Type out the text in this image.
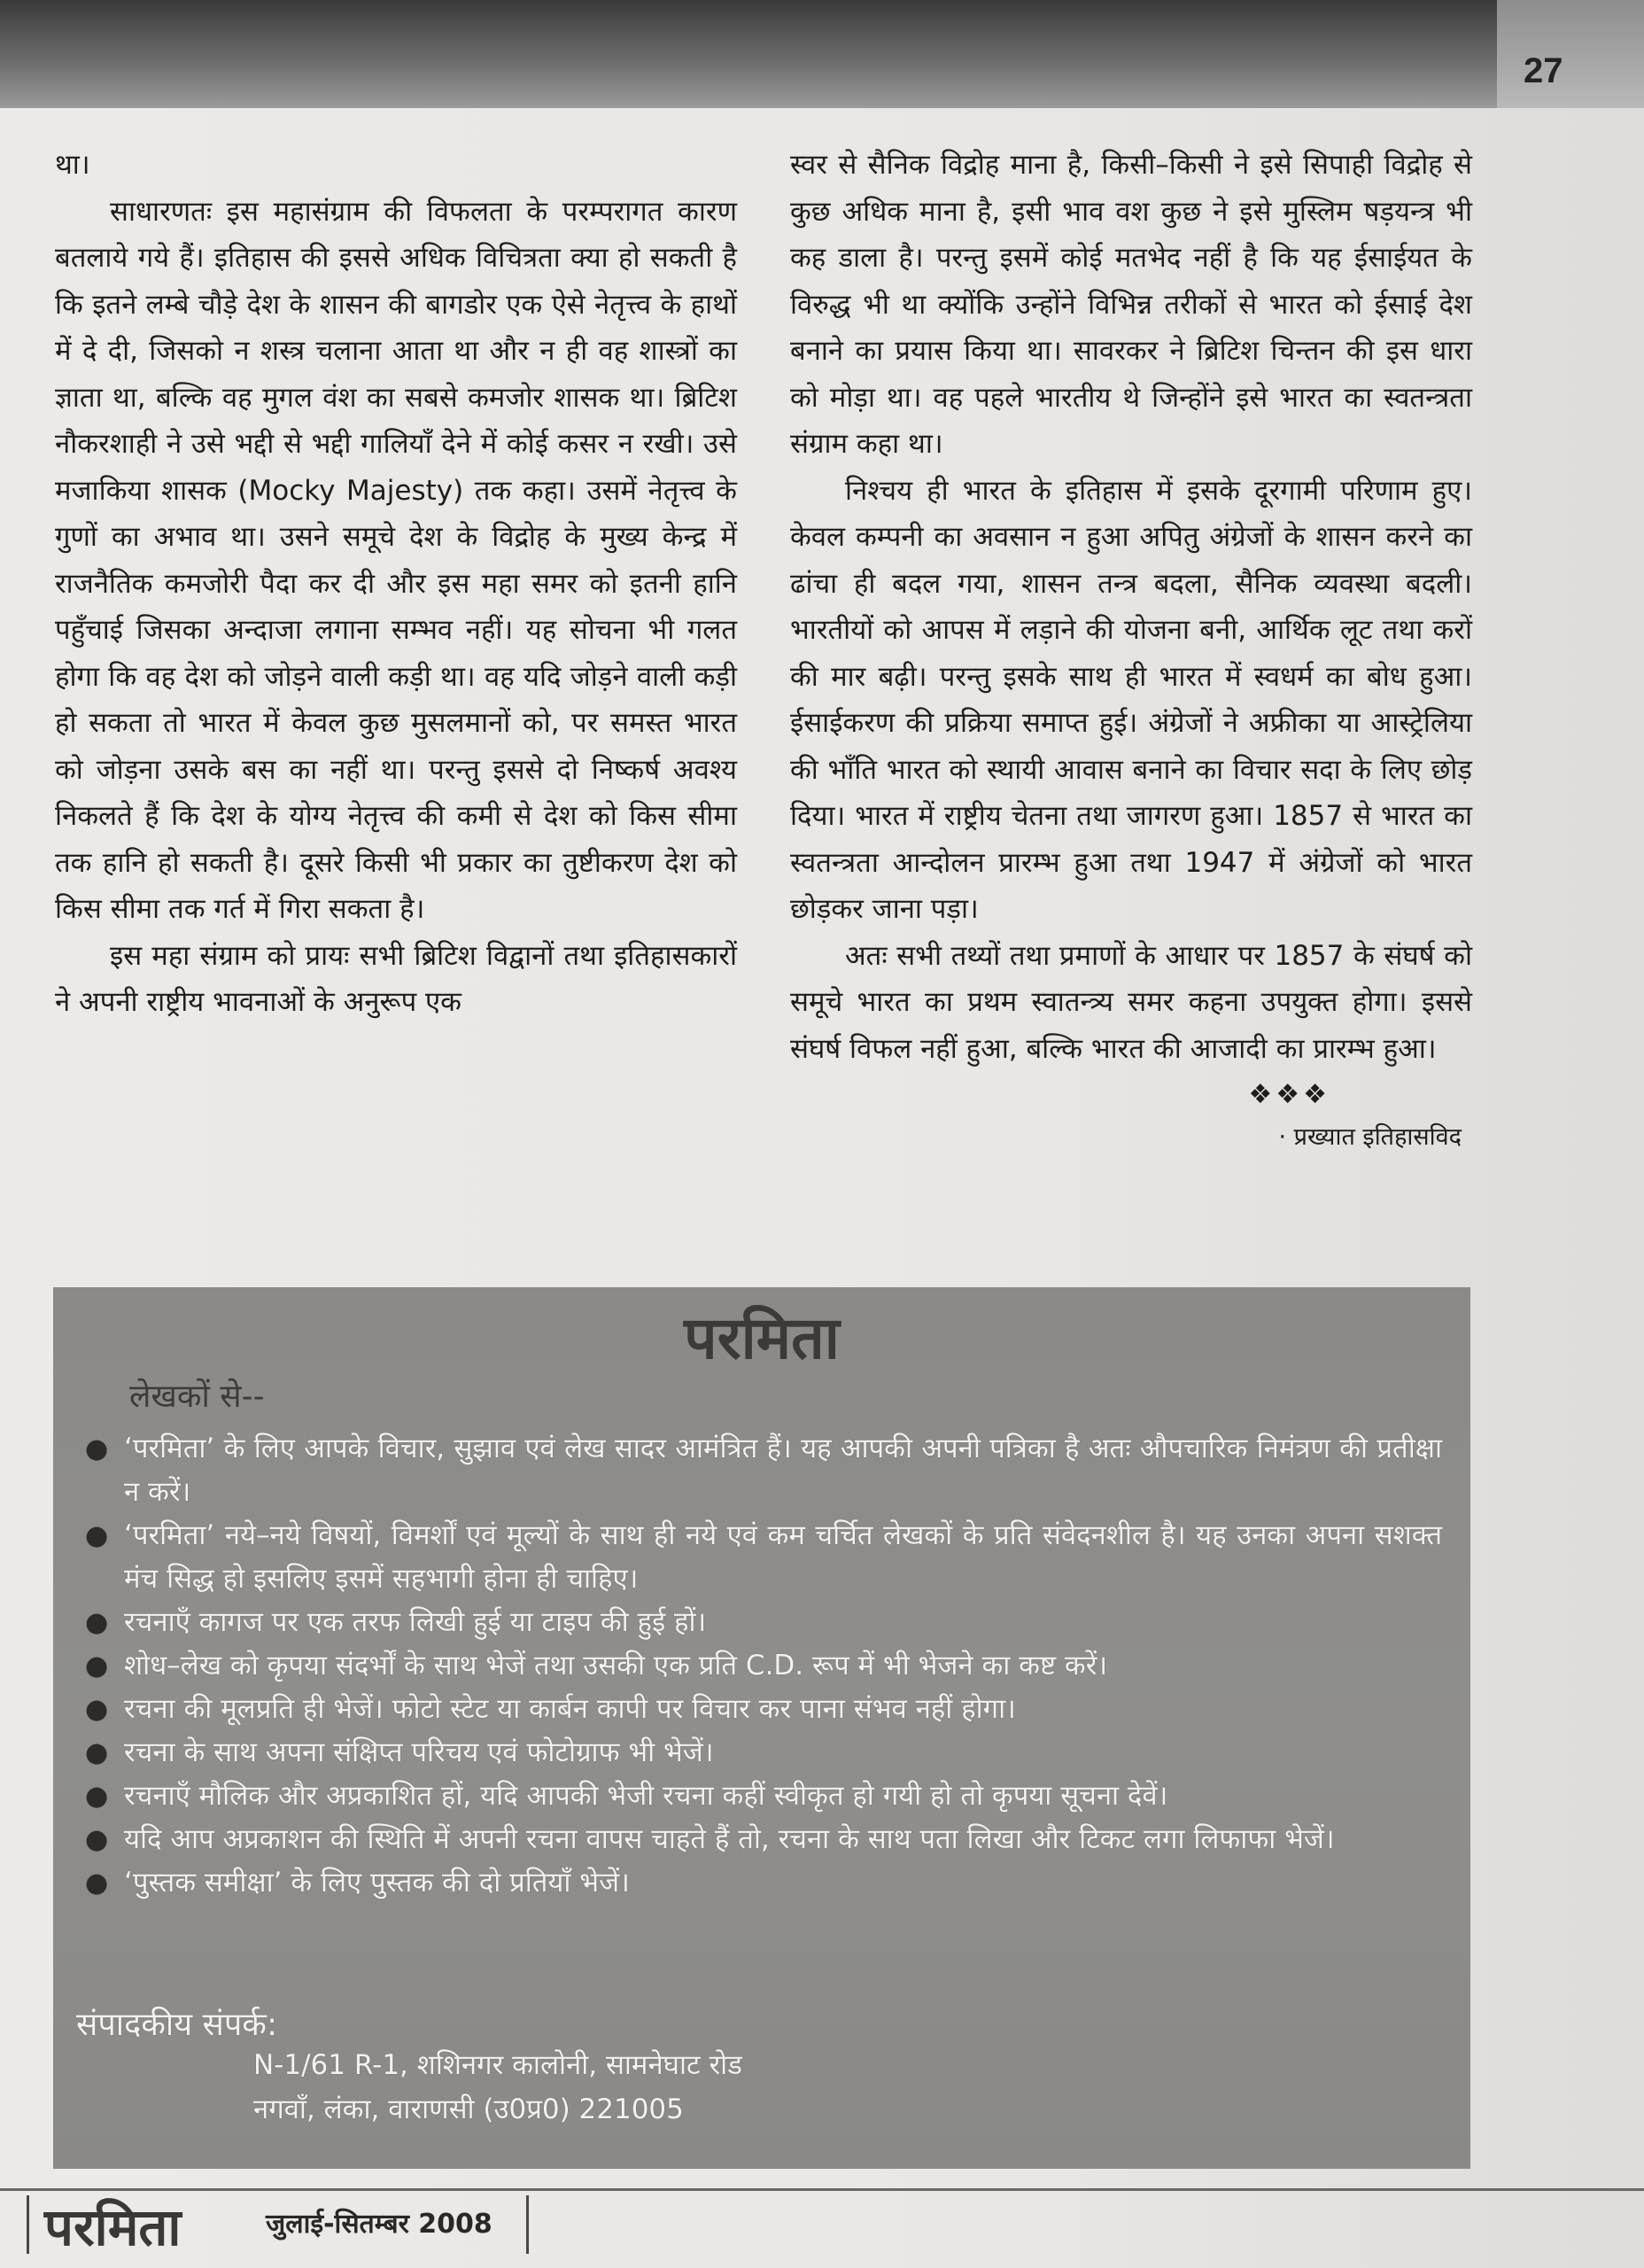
27

था।

साधारणतः इस महासंग्राम की विफलता के परम्परागत कारण बतलाये गये हैं। इतिहास की इससे अधिक विचित्रता क्या हो सकती है कि इतने लम्बे चौड़े देश के शासन की बागडोर एक ऐसे नेतृत्त्व के हाथों में दे दी, जिसको न शस्त्र चलाना आता था और न ही वह शास्त्रों का ज्ञाता था, बल्कि वह मुगल वंश का सबसे कमजोर शासक था। ब्रिटिश नौकरशाही ने उसे भद्दी से भद्दी गालियाँ देने में कोई कसर न रखी। उसे मजाकिया शासक (Mocky Majesty) तक कहा। उसमें नेतृत्त्व के गुणों का अभाव था। उसने समूचे देश के विद्रोह के मुख्य केन्द्र में राजनैतिक कमजोरी पैदा कर दी और इस महा समर को इतनी हानि पहुँचाई जिसका अन्दाजा लगाना सम्भव नहीं। यह सोचना भी गलत होगा कि वह देश को जोड़ने वाली कड़ी था। वह यदि जोड़ने वाली कड़ी हो सकता तो भारत में केवल कुछ मुसलमानों को, पर समस्त भारत को जोड़ना उसके बस का नहीं था। परन्तु इससे दो निष्कर्ष अवश्य निकलते हैं कि देश के योग्य नेतृत्त्व की कमी से देश को किस सीमा तक हानि हो सकती है। दूसरे किसी भी प्रकार का तुष्टीकरण देश को किस सीमा तक गर्त में गिरा सकता है।

इस महा संग्राम को प्रायः सभी ब्रिटिश विद्वानों तथा इतिहासकारों ने अपनी राष्ट्रीय भावनाओं के अनुरूप एक

स्वर से सैनिक विद्रोह माना है, किसी–किसी ने इसे सिपाही विद्रोह से कुछ अधिक माना है, इसी भाव वश कुछ ने इसे मुस्लिम षड़यन्त्र भी कह डाला है। परन्तु इसमें कोई मतभेद नहीं है कि यह ईसाईयत के विरुद्ध भी था क्योंकि उन्होंने विभिन्न तरीकों से भारत को ईसाई देश बनाने का प्रयास किया था। सावरकर ने ब्रिटिश चिन्तन की इस धारा को मोड़ा था। वह पहले भारतीय थे जिन्होंने इसे भारत का स्वतन्त्रता संग्राम कहा था।

निश्चय ही भारत के इतिहास में इसके दूरगामी परिणाम हुए। केवल कम्पनी का अवसान न हुआ अपितु अंग्रेजों के शासन करने का ढांचा ही बदल गया, शासन तन्त्र बदला, सैनिक व्यवस्था बदली। भारतीयों को आपस में लड़ाने की योजना बनी, आर्थिक लूट तथा करों की मार बढ़ी। परन्तु इसके साथ ही भारत में स्वधर्म का बोध हुआ। ईसाईकरण की प्रक्रिया समाप्त हुई। अंग्रेजों ने अफ्रीका या आस्ट्रेलिया की भाँति भारत को स्थायी आवास बनाने का विचार सदा के लिए छोड़ दिया। भारत में राष्ट्रीय चेतना तथा जागरण हुआ। 1857 से भारत का स्वतन्त्रता आन्दोलन प्रारम्भ हुआ तथा 1947 में अंग्रेजों को भारत छोड़कर जाना पड़ा।

अतः सभी तथ्यों तथा प्रमाणों के आधार पर 1857 के संघर्ष को समूचे भारत का प्रथम स्वातन्त्र्य समर कहना उपयुक्त होगा। इससे संघर्ष विफल नहीं हुआ, बल्कि भारत की आजादी का प्रारम्भ हुआ।

❖❖❖
· प्रख्यात इतिहासविद
परमिता
लेखकों से--
● ‘परमिता’ के लिए आपके विचार, सुझाव एवं लेख सादर आमंत्रित हैं। यह आपकी अपनी पत्रिका है अतः औपचारिक निमंत्रण की प्रतीक्षा न करें।
● ‘परमिता’ नये–नये विषयों, विमर्शों एवं मूल्यों के साथ ही नये एवं कम चर्चित लेखकों के प्रति संवेदनशील है। यह उनका अपना सशक्त मंच सिद्ध हो इसलिए इसमें सहभागी होना ही चाहिए।
● रचनाएँ कागज पर एक तरफ लिखी हुई या टाइप की हुई हों।
● शोध–लेख को कृपया संदर्भों के साथ भेजें तथा उसकी एक प्रति C.D. रूप में भी भेजने का कष्ट करें।
● रचना की मूलप्रति ही भेजें। फोटो स्टेट या कार्बन कापी पर विचार कर पाना संभव नहीं होगा।
● रचना के साथ अपना संक्षिप्त परिचय एवं फोटोग्राफ भी भेजें।
● रचनाएँ मौलिक और अप्रकाशित हों, यदि आपकी भेजी रचना कहीं स्वीकृत हो गयी हो तो कृपया सूचना देवें।
● यदि आप अप्रकाशन की स्थिति में अपनी रचना वापस चाहते हैं तो, रचना के साथ पता लिखा और टिकट लगा लिफाफा भेजें।
● ‘पुस्तक समीक्षा’ के लिए पुस्तक की दो प्रतियाँ भेजें।
संपादकीय संपर्क:
N-1/61 R-1, शशिनगर कालोनी, सामनेघाट रोड
नगवाँ, लंका, वाराणसी (उ0प्र0) 221005
परमिता	जुलाई-सितम्बर 2008
